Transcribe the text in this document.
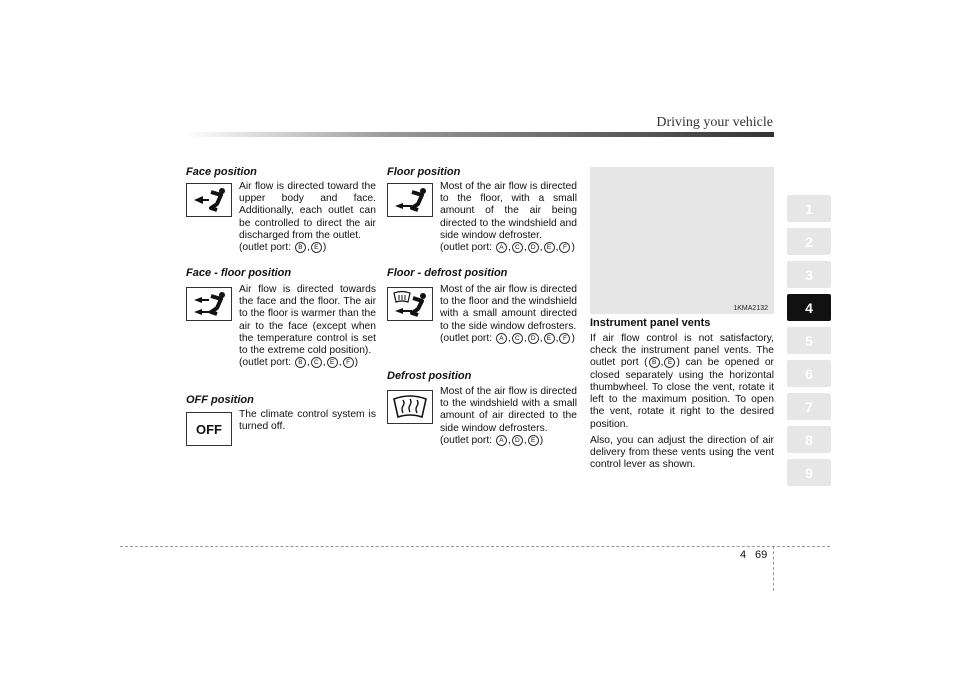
Driving your vehicle
Face position

Air flow is directed toward the upper body and face. Additionally, each outlet can be controlled to direct the air discharged from the outlet.

(outlet port: B , E )

Face - floor position

Air flow is directed towards the face and the floor. The air to the floor is warmer than the air to the face (except when the temperature control is set to the extreme cold position).

(outlet port: B , C , E , F )

OFF position
OFF

The climate control system is turned off.

Floor position

Most of the air flow is directed to the floor, with a small amount of the air being directed to the windshield and side window defroster.

(outlet port: A , C , D , E , F )

Floor - defrost position

Most of the air flow is directed to the floor and the windshield with a small amount directed to the side window defrosters.

(outlet port: A , C , D , E , F )

Defrost position

Most of the air flow is directed to the windshield with a small amount of air directed to the side window defrosters.

(outlet port: A , D , E )

1KMA2132
Instrument panel vents

If air flow control is not satisfactory, check the instrument panel vents. The outlet port ( B , E ) can be opened or closed separately using the horizontal thumbwheel. To close the vent, rotate it left to the maximum position. To open the vent, rotate it right to the desired position.

Also, you can adjust the direction of air delivery from these vents using the vent control lever as shown.

1
2
3
4
5
6
7
8
9
4 69
